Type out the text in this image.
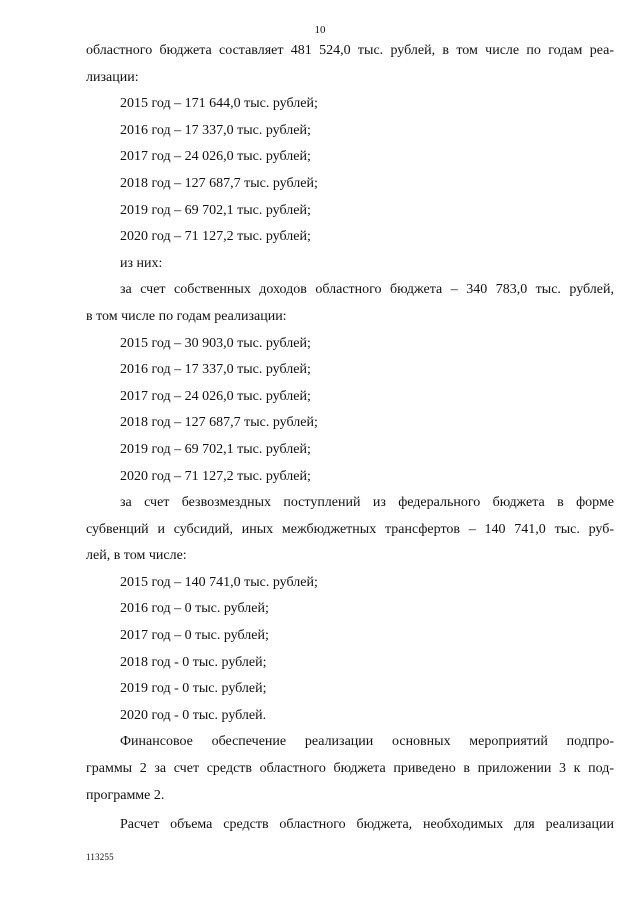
10
областного бюджета составляет 481 524,0 тыс. рублей, в том числе по годам реа-
лизации:
2015 год – 171 644,0 тыс. рублей;
2016 год – 17 337,0 тыс. рублей;
2017 год – 24 026,0 тыс. рублей;
2018 год – 127 687,7 тыс. рублей;
2019 год – 69 702,1 тыс. рублей;
2020 год – 71 127,2 тыс. рублей;
из них:
за счет собственных доходов областного бюджета – 340 783,0 тыс. рублей,
в том числе по годам реализации:
2015 год – 30 903,0 тыс. рублей;
2016 год – 17 337,0 тыс. рублей;
2017 год – 24 026,0 тыс. рублей;
2018 год – 127 687,7 тыс. рублей;
2019 год – 69 702,1 тыс. рублей;
2020 год – 71 127,2 тыс. рублей;
за счет безвозмездных поступлений из федерального бюджета в форме
субвенций и субсидий, иных межбюджетных трансфертов – 140 741,0 тыс. руб-
лей, в том числе:
2015 год – 140 741,0 тыс. рублей;
2016 год – 0 тыс. рублей;
2017 год – 0 тыс. рублей;
2018 год - 0 тыс. рублей;
2019 год - 0 тыс. рублей;
2020 год - 0 тыс. рублей.
Финансовое обеспечение реализации основных мероприятий подпро-
граммы 2 за счет средств областного бюджета приведено в приложении 3 к под-
программе 2.
Расчет объема средств областного бюджета, необходимых для реализации
113255
